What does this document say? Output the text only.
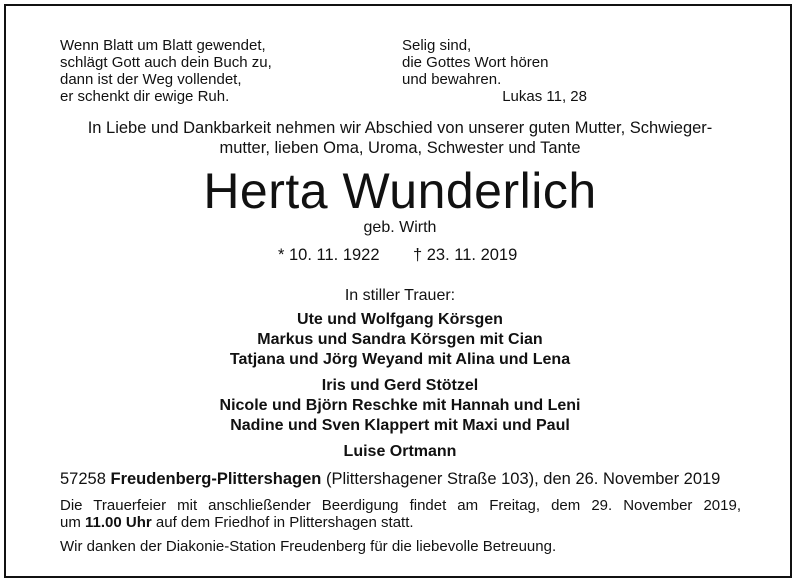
Wenn Blatt um Blatt gewendet,
schlägt Gott auch dein Buch zu,
dann ist der Weg vollendet,
er schenkt dir ewige Ruh.
Selig sind,
die Gottes Wort hören
und bewahren.
Lukas 11, 28
In Liebe und Dankbarkeit nehmen wir Abschied von unserer guten Mutter, Schwieger-
mutter, lieben Oma, Uroma, Schwester und Tante
Herta Wunderlich
geb. Wirth
* 10. 11. 1922 † 23. 11. 2019
In stiller Trauer:
Ute und Wolfgang Körsgen
Markus und Sandra Körsgen mit Cian
Tatjana und Jörg Weyand mit Alina und Lena
Iris und Gerd Stötzel
Nicole und Björn Reschke mit Hannah und Leni
Nadine und Sven Klappert mit Maxi und Paul
Luise Ortmann
57258 Freudenberg-Plittershagen (Plittershagener Straße 103), den 26. November 2019
Die Trauerfeier mit anschließender Beerdigung findet am Freitag, dem 29. November 2019,
um 11.00 Uhr auf dem Friedhof in Plittershagen statt.
Wir danken der Diakonie-Station Freudenberg für die liebevolle Betreuung.
